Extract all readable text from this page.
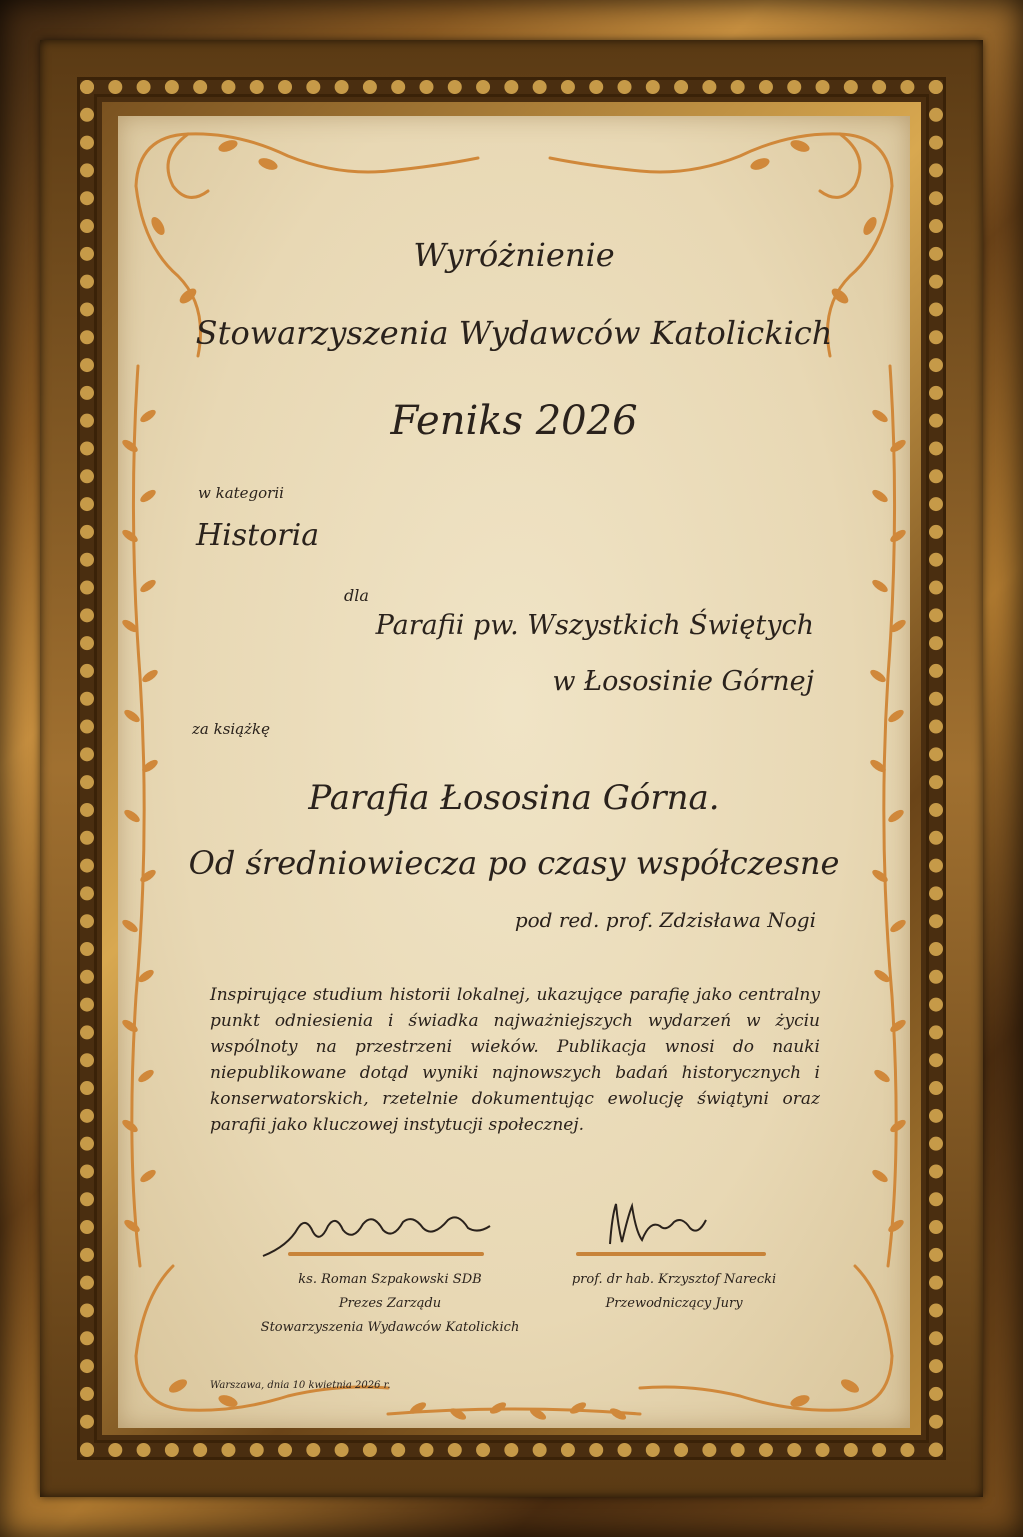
Wyróżnienie
Stowarzyszenia Wydawców Katolickich
Feniks 2026
w kategorii
Historia
dla
Parafii pw. Wszystkich Świętych
w Łososinie Górnej
za książkę
Parafia Łososina Górna.
Od średniowiecza po czasy współczesne
pod red. prof. Zdzisława Nogi
Inspirujące studium historii lokalnej, ukazujące parafię jako centralny punkt odniesienia i świadka najważniejszych wydarzeń w życiu wspólnoty na przestrzeni wieków. Publikacja wnosi do nauki niepublikowane dotąd wyniki najnowszych badań historycznych i konserwatorskich, rzetelnie dokumentując ewolucję świątyni oraz parafii jako kluczowej instytucji społecznej.
ks. Roman Szpakowski SDB
Prezes Zarządu
Stowarzyszenia Wydawców Katolickich
prof. dr hab. Krzysztof Narecki
Przewodniczący Jury
Warszawa, dnia 10 kwietnia 2026 r.
